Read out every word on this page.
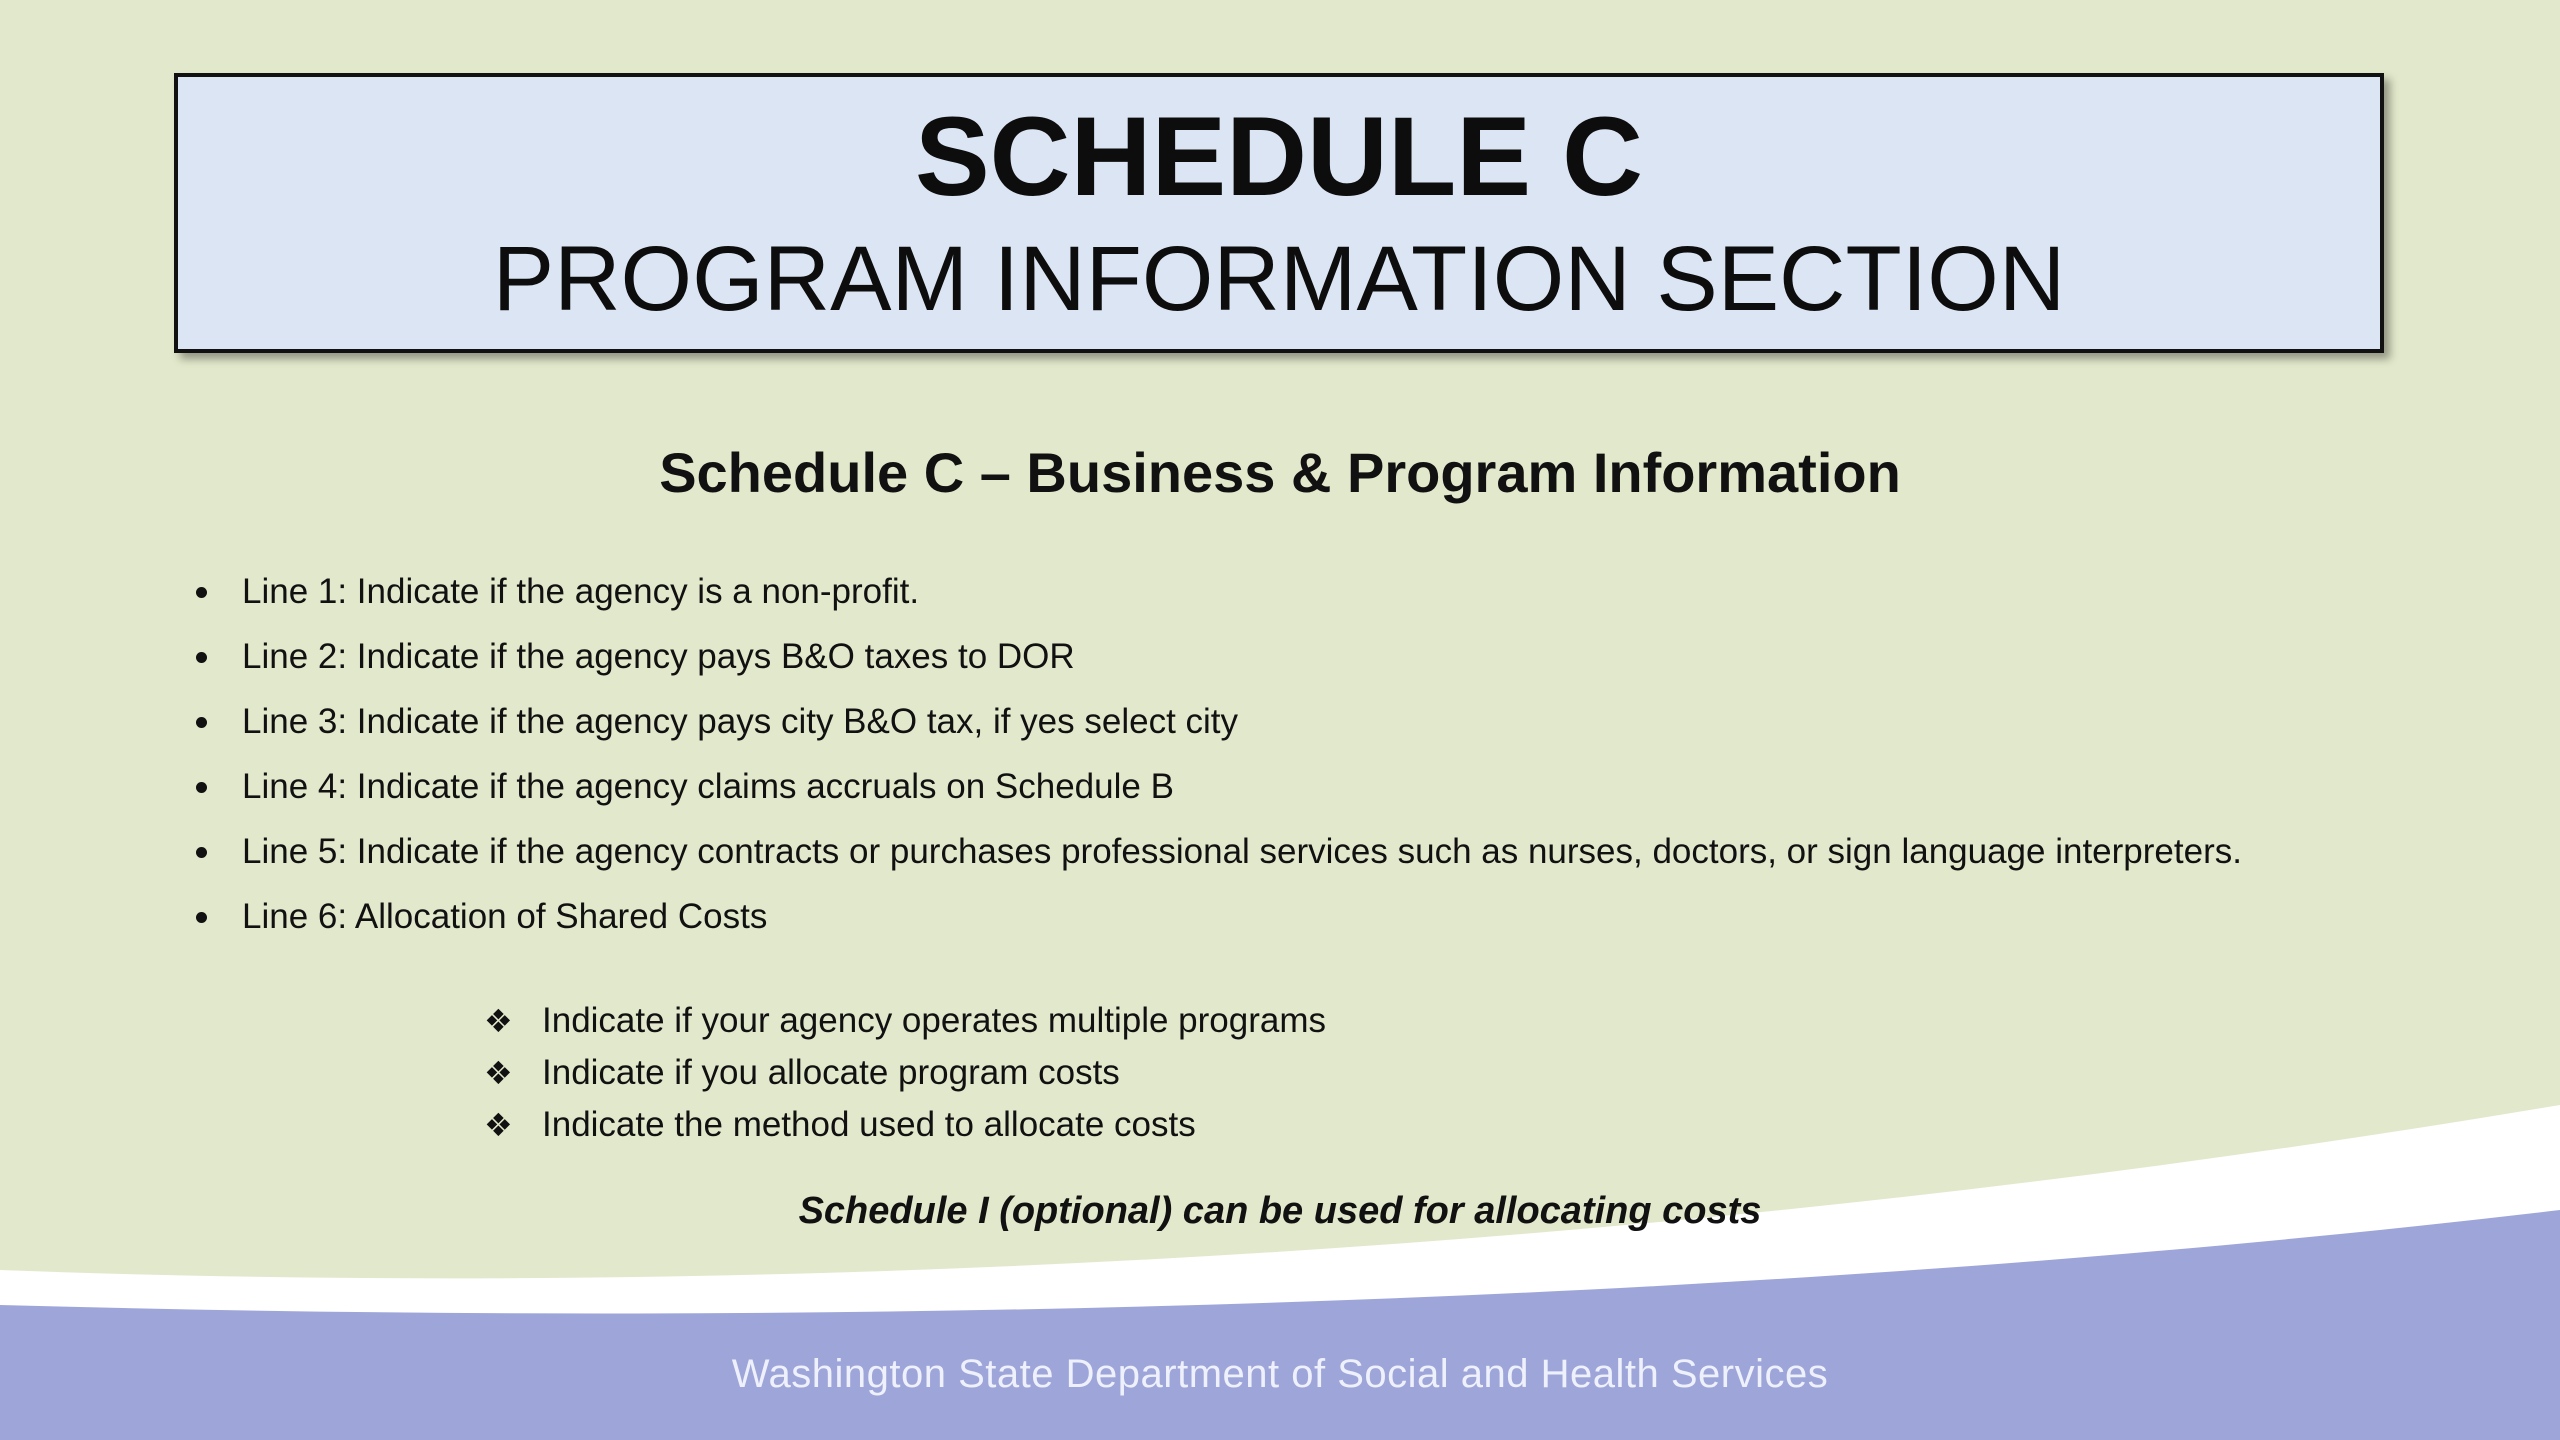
SCHEDULE C
PROGRAM INFORMATION SECTION
Schedule C – Business & Program Information
Line 1: Indicate if the agency is a non-profit.
Line 2: Indicate if the agency pays B&O taxes to DOR
Line 3: Indicate if the agency pays city B&O tax, if yes select city
Line 4: Indicate if the agency claims accruals on Schedule B
Line 5: Indicate if the agency contracts or purchases professional services such as nurses, doctors, or sign language interpreters.
Line 6: Allocation of Shared Costs
❖ Indicate if your agency operates multiple programs
❖ Indicate if you allocate program costs
❖ Indicate the method used to allocate costs
Schedule I (optional) can be used for allocating costs
Washington State Department of Social and Health Services
